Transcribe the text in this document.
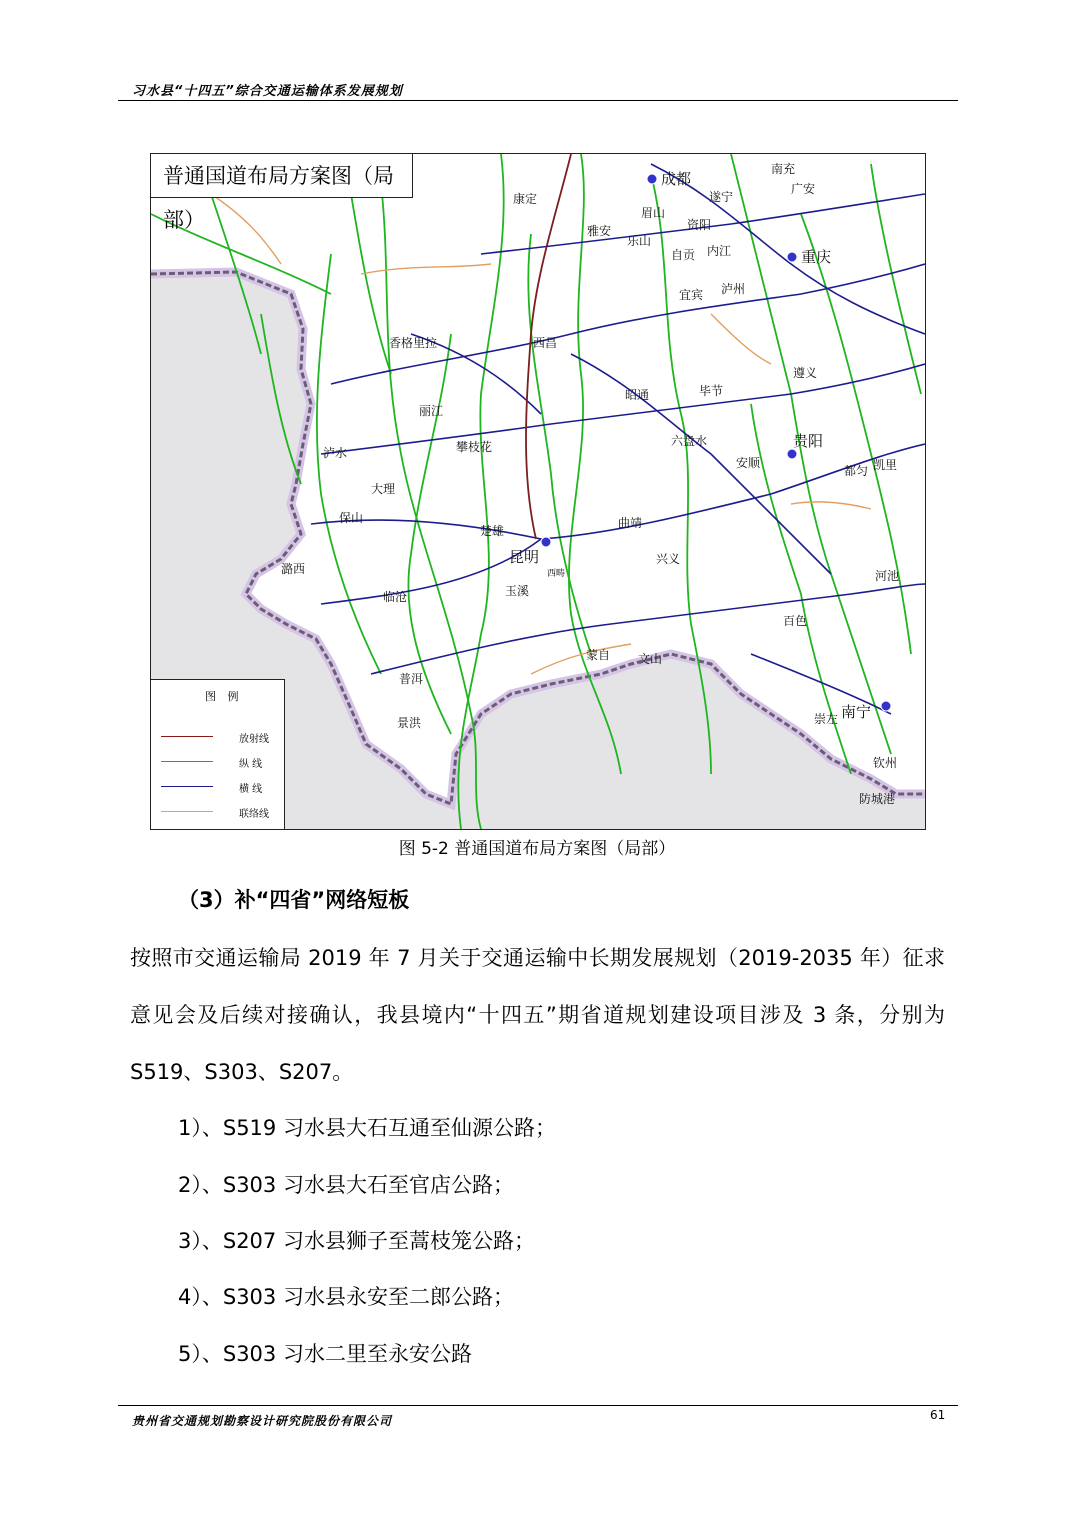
习水县“十四五”综合交通运输体系发展规划
普通国道布局方案图（局部）
成都
重庆
昆明
贵阳
南宁
宜宾 泸州
遵义
毕节
六盘水
安顺
都匀 凯里
西昌
攀枝花
丽江
大理
保山
临沧
普洱
景洪
玉溪
楚雄
曲靖
兴义
文山
蒙自
百色
河池
崇左
钦州
防城港
昭通
香格里拉
泸水
潞西
自贡 内江
乐山
雅安
眉山
资阳
遂宁
广安
南充
康定
西畴
图 例
放射线
纵 线
横 线
联络线
图 5-2 普通国道布局方案图（局部）
（3）补“四省”网络短板
按照市交通运输局 2019 年 7 月关于交通运输中长期发展规划（2019-2035 年）征求意见会及后续对接确认，我县境内“十四五”期省道规划建设项目涉及 3 条，分别为 S519、S303、S207。
1）、S519 习水县大石互通至仙源公路；
2）、S303 习水县大石至官店公路；
3）、S207 习水县狮子至蒿枝笼公路；
4）、S303 习水县永安至二郎公路；
5）、S303 习水二里至永安公路
贵州省交通规划勘察设计研究院股份有限公司	61
